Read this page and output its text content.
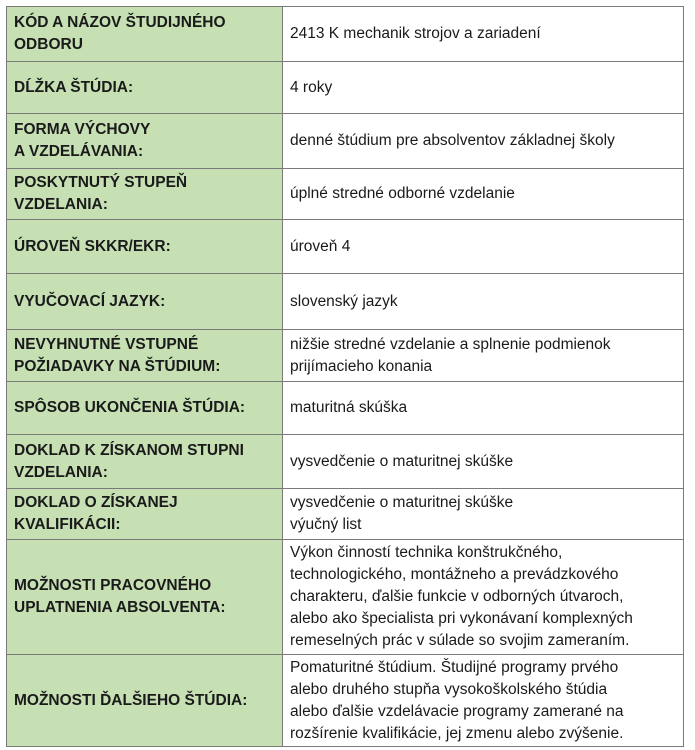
KÓD A NÁZOV ŠTUDIJNÉHO
ODBORU	2413 K mechanik strojov a zariadení

DĹŽKA ŠTÚDIA:	4 roky

FORMA VÝCHOVY
A VZDELÁVANIA:	denné štúdium pre absolventov základnej školy

POSKYTNUTÝ STUPEŇ
VZDELANIA:	úplné stredné odborné vzdelanie

ÚROVEŇ SKKR/EKR:	úroveň 4

VYUČOVACÍ JAZYK:	slovenský jazyk

NEVYHNUTNÉ VSTUPNÉ
POŽIADAVKY NA ŠTÚDIUM:	nižšie stredné vzdelanie a splnenie podmienok
prijímacieho konania

SPÔSOB UKONČENIA ŠTÚDIA:	maturitná skúška

DOKLAD K ZÍSKANOM STUPNI
VZDELANIA:	vysvedčenie o maturitnej skúške

DOKLAD O ZÍSKANEJ
KVALIFIKÁCII:	vysvedčenie o maturitnej skúške
výučný list

MOŽNOSTI PRACOVNÉHO
UPLATNENIA ABSOLVENTA:	Výkon činností technika konštrukčného,
technologického, montážneho a prevádzkového
charakteru, ďalšie funkcie v odborných útvaroch,
alebo ako špecialista pri vykonávaní komplexných
remeselných prác v súlade so svojim zameraním.

MOŽNOSTI ĎALŠIEHO ŠTÚDIA:	Pomaturitné štúdium. Študijné programy prvého
alebo druhého stupňa vysokoškolského štúdia
alebo ďalšie vzdelávacie programy zamerané na
rozšírenie kvalifikácie, jej zmenu alebo zvýšenie.
